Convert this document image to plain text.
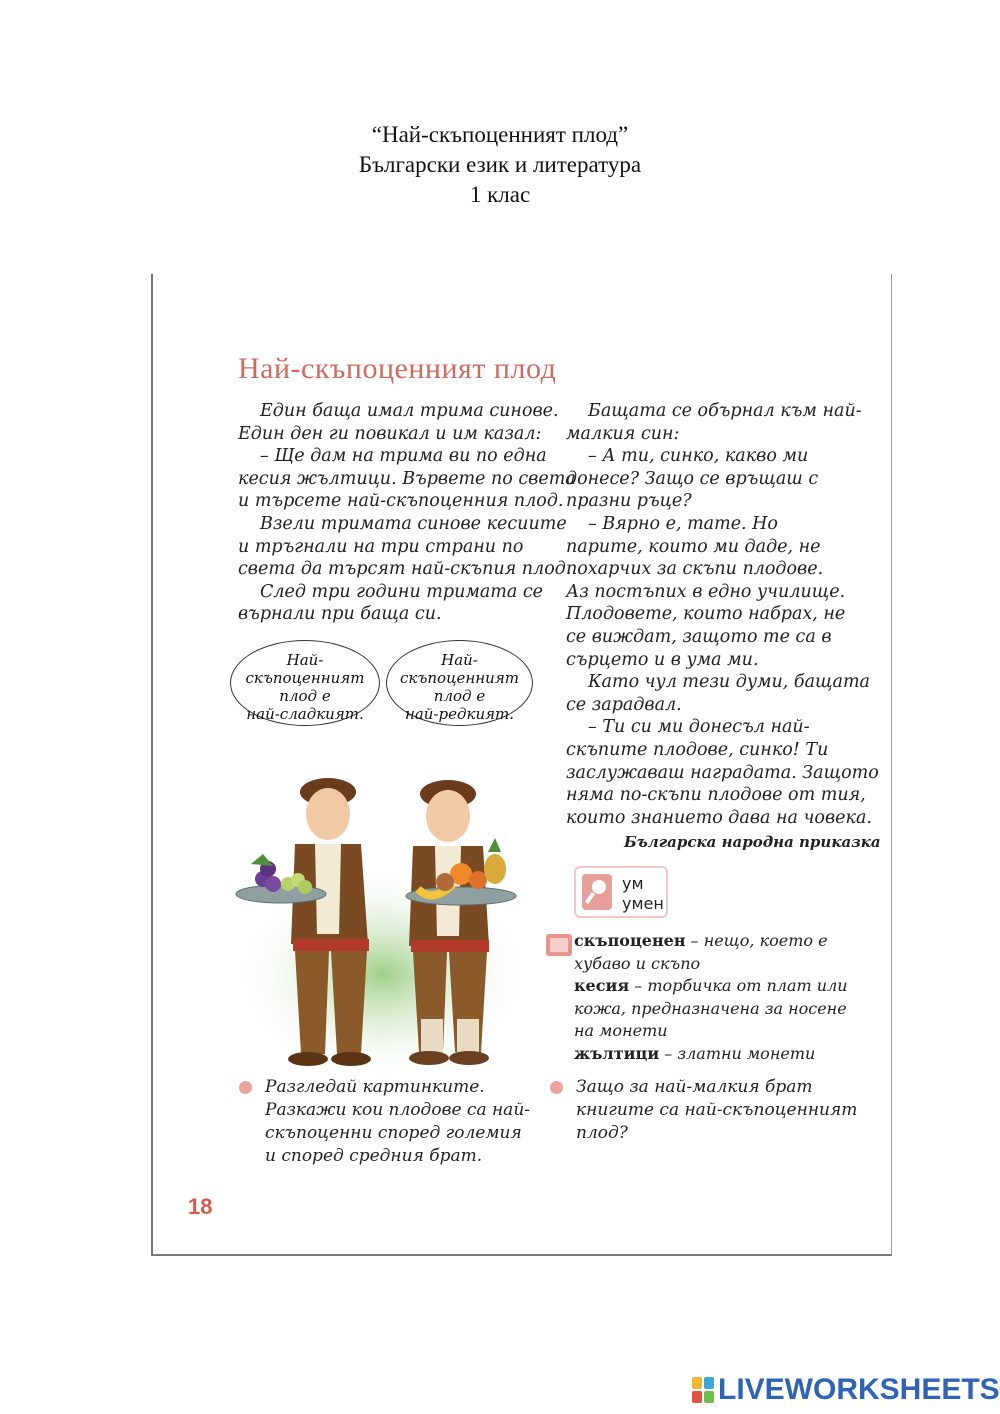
“Най-скъпоценният плод”
Български език и литература
1 клас
Най-скъпоценният плод

Един баща имал трима синове.

Един ден ги повикал и им казал:

– Ще дам на трима ви по една

кесия жълтици. Вървете по света

и търсете най-скъпоценния плод.

Взели тримата синове кесиите

и тръгнали на три страни по

света да търсят най-скъпия плод.

След три години тримата се

върнали при баща си.

Бащата се обърнал към най-

малкия син:

– А ти, синко, какво ми

донесе? Защо се връщаш с

празни ръце?

– Вярно е, тате. Но

парите, които ми даде, не

похарчих за скъпи плодове.

Аз постъпих в едно училище.

Плодовете, които набрах, не

се виждат, защото те са в

сърцето и в ума ми.

Като чул тези думи, бащата

се зарадвал.

– Ти си ми донесъл най-

скъпите плодове, синко! Ти

заслужаваш наградата. Защото

няма по-скъпи плодове от тия,

които знанието дава на човека.

Българска народна приказка

Най-
скъпоценният
плод е
най-сладкият.
Най-
скъпоценният
плод е
най-редкият.
ум
умен

скъпоценен – нещо, което е

хубаво и скъпо

кесия – торбичка от плат или

кожа, предназначена за носене

на монети

жълтици – златни монети

Разгледай картинките.

Разкажи кои плодове са най-

скъпоценни според големия

и според средния брат.

Защо за най-малкия брат

книгите са най-скъпоценният

плод?

18
LIVEWORKSHEETS
